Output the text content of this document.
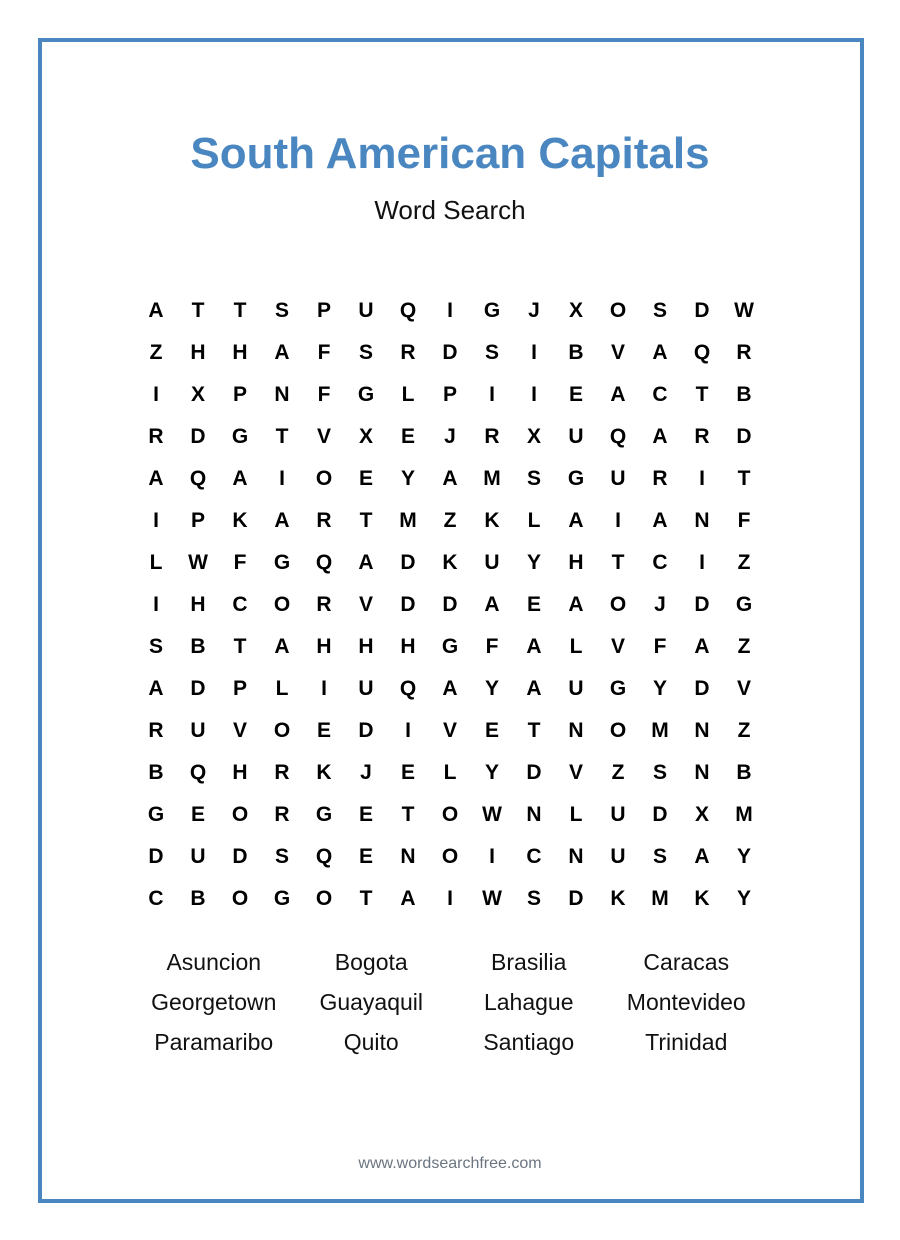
South American Capitals
Word Search
A	T	T	S	P	U	Q	I	G	J	X	O	S	D	W
Z	H	H	A	F	S	R	D	S	I	B	V	A	Q	R
I	X	P	N	F	G	L	P	I	I	E	A	C	T	B
R	D	G	T	V	X	E	J	R	X	U	Q	A	R	D
A	Q	A	I	O	E	Y	A	M	S	G	U	R	I	T
I	P	K	A	R	T	M	Z	K	L	A	I	A	N	F
L	W	F	G	Q	A	D	K	U	Y	H	T	C	I	Z
I	H	C	O	R	V	D	D	A	E	A	O	J	D	G
S	B	T	A	H	H	H	G	F	A	L	V	F	A	Z
A	D	P	L	I	U	Q	A	Y	A	U	G	Y	D	V
R	U	V	O	E	D	I	V	E	T	N	O	M	N	Z
B	Q	H	R	K	J	E	L	Y	D	V	Z	S	N	B
G	E	O	R	G	E	T	O	W	N	L	U	D	X	M
D	U	D	S	Q	E	N	O	I	C	N	U	S	A	Y
C	B	O	G	O	T	A	I	W	S	D	K	M	K	Y
Asuncion	Bogota	Brasilia	Caracas
Georgetown	Guayaquil	Lahague	Montevideo
Paramaribo	Quito	Santiago	Trinidad
www.wordsearchfree.com
